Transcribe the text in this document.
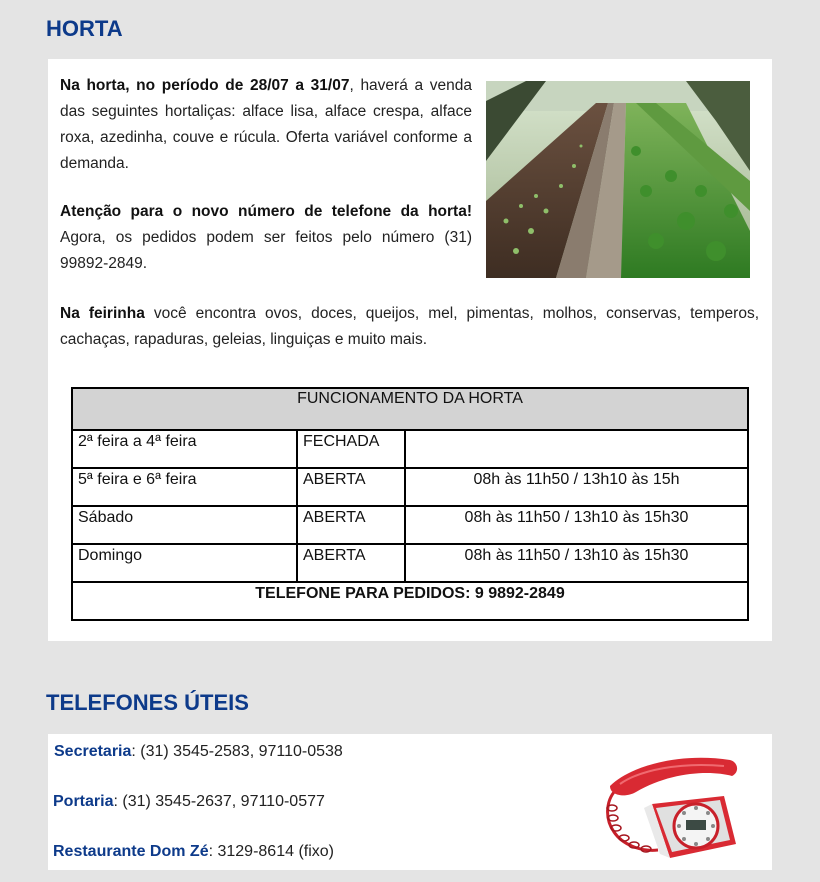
HORTA

Na horta, no período de 28/07 a 31/07, haverá a venda das seguintes hortaliças: alface lisa, alface crespa, alface roxa, azedinha, couve e rúcula. Oferta variável conforme a demanda.

Atenção para o novo número de telefone da horta! Agora, os pedidos podem ser feitos pelo número (31) 99892-2849.

Na feirinha você encontra ovos, doces, queijos, mel, pimentas, molhos, conservas, temperos, cachaças, rapaduras, geleias, linguiças e muito mais.

FUNCIONAMENTO DA HORTA		
2ª feira a 4ª feira	FECHADA	
5ª feira e 6ª feira	ABERTA	08h às 11h50 / 13h10 às 15h
Sábado	ABERTA	08h às 11h50 / 13h10 às 15h30
Domingo	ABERTA	08h às 11h50 / 13h10 às 15h30
TELEFONE PARA PEDIDOS: 9 9892-2849		
TELEFONES ÚTEIS
Secretaria: (31) 3545-2583, 97110-0538
Portaria: (31) 3545-2637, 97110-0577
Restaurante Dom Zé: 3129-8614 (fixo)
